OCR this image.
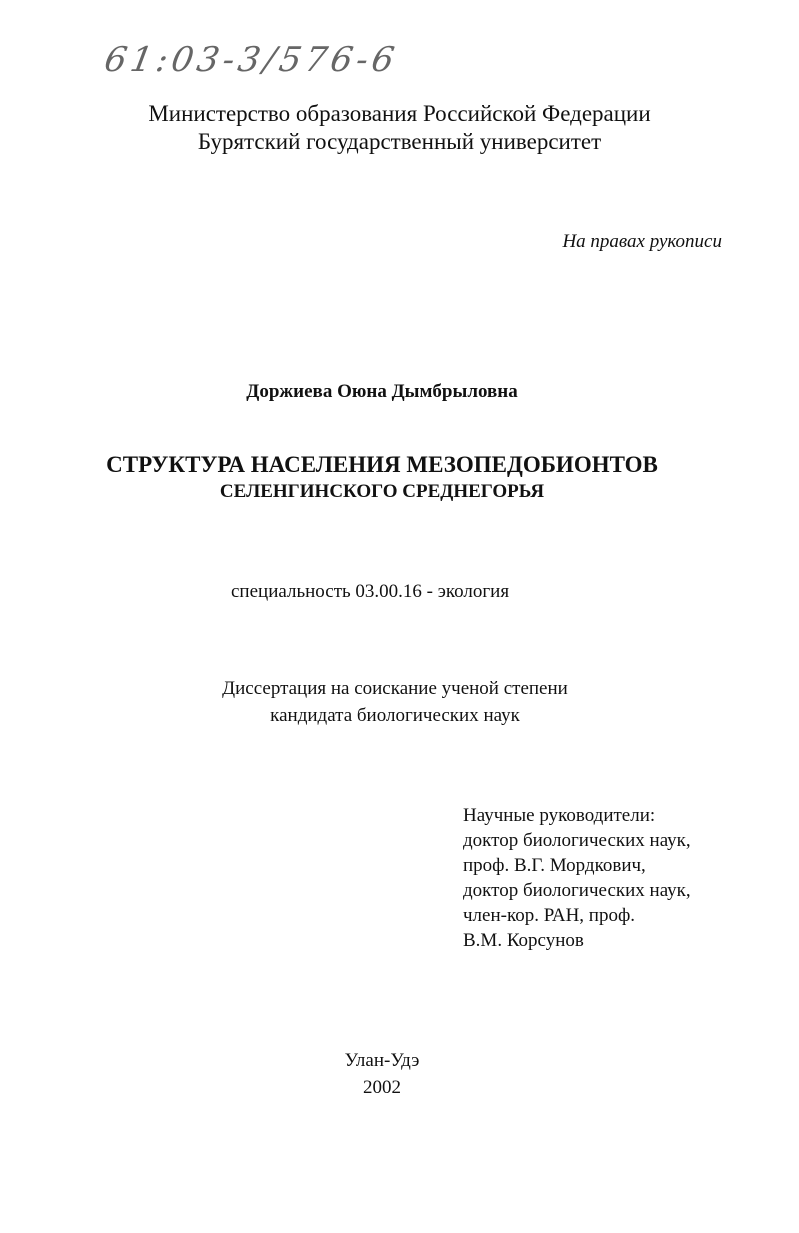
61:03-3/576-6
Министерство образования Российской Федерации
Бурятский государственный университет
На правах рукописи
Доржиева Оюна Дымбрыловна
СТРУКТУРА НАСЕЛЕНИЯ МЕЗОПЕДОБИОНТОВ
СЕЛЕНГИНСКОГО СРЕДНЕГОРЬЯ
специальность 03.00.16 - экология
Диссертация на соискание ученой степени
кандидата биологических наук
Научные руководители:
доктор биологических наук,
проф. В.Г. Мордкович,
доктор биологических наук,
член-кор. РАН, проф.
В.М. Корсунов
Улан-Удэ
2002
